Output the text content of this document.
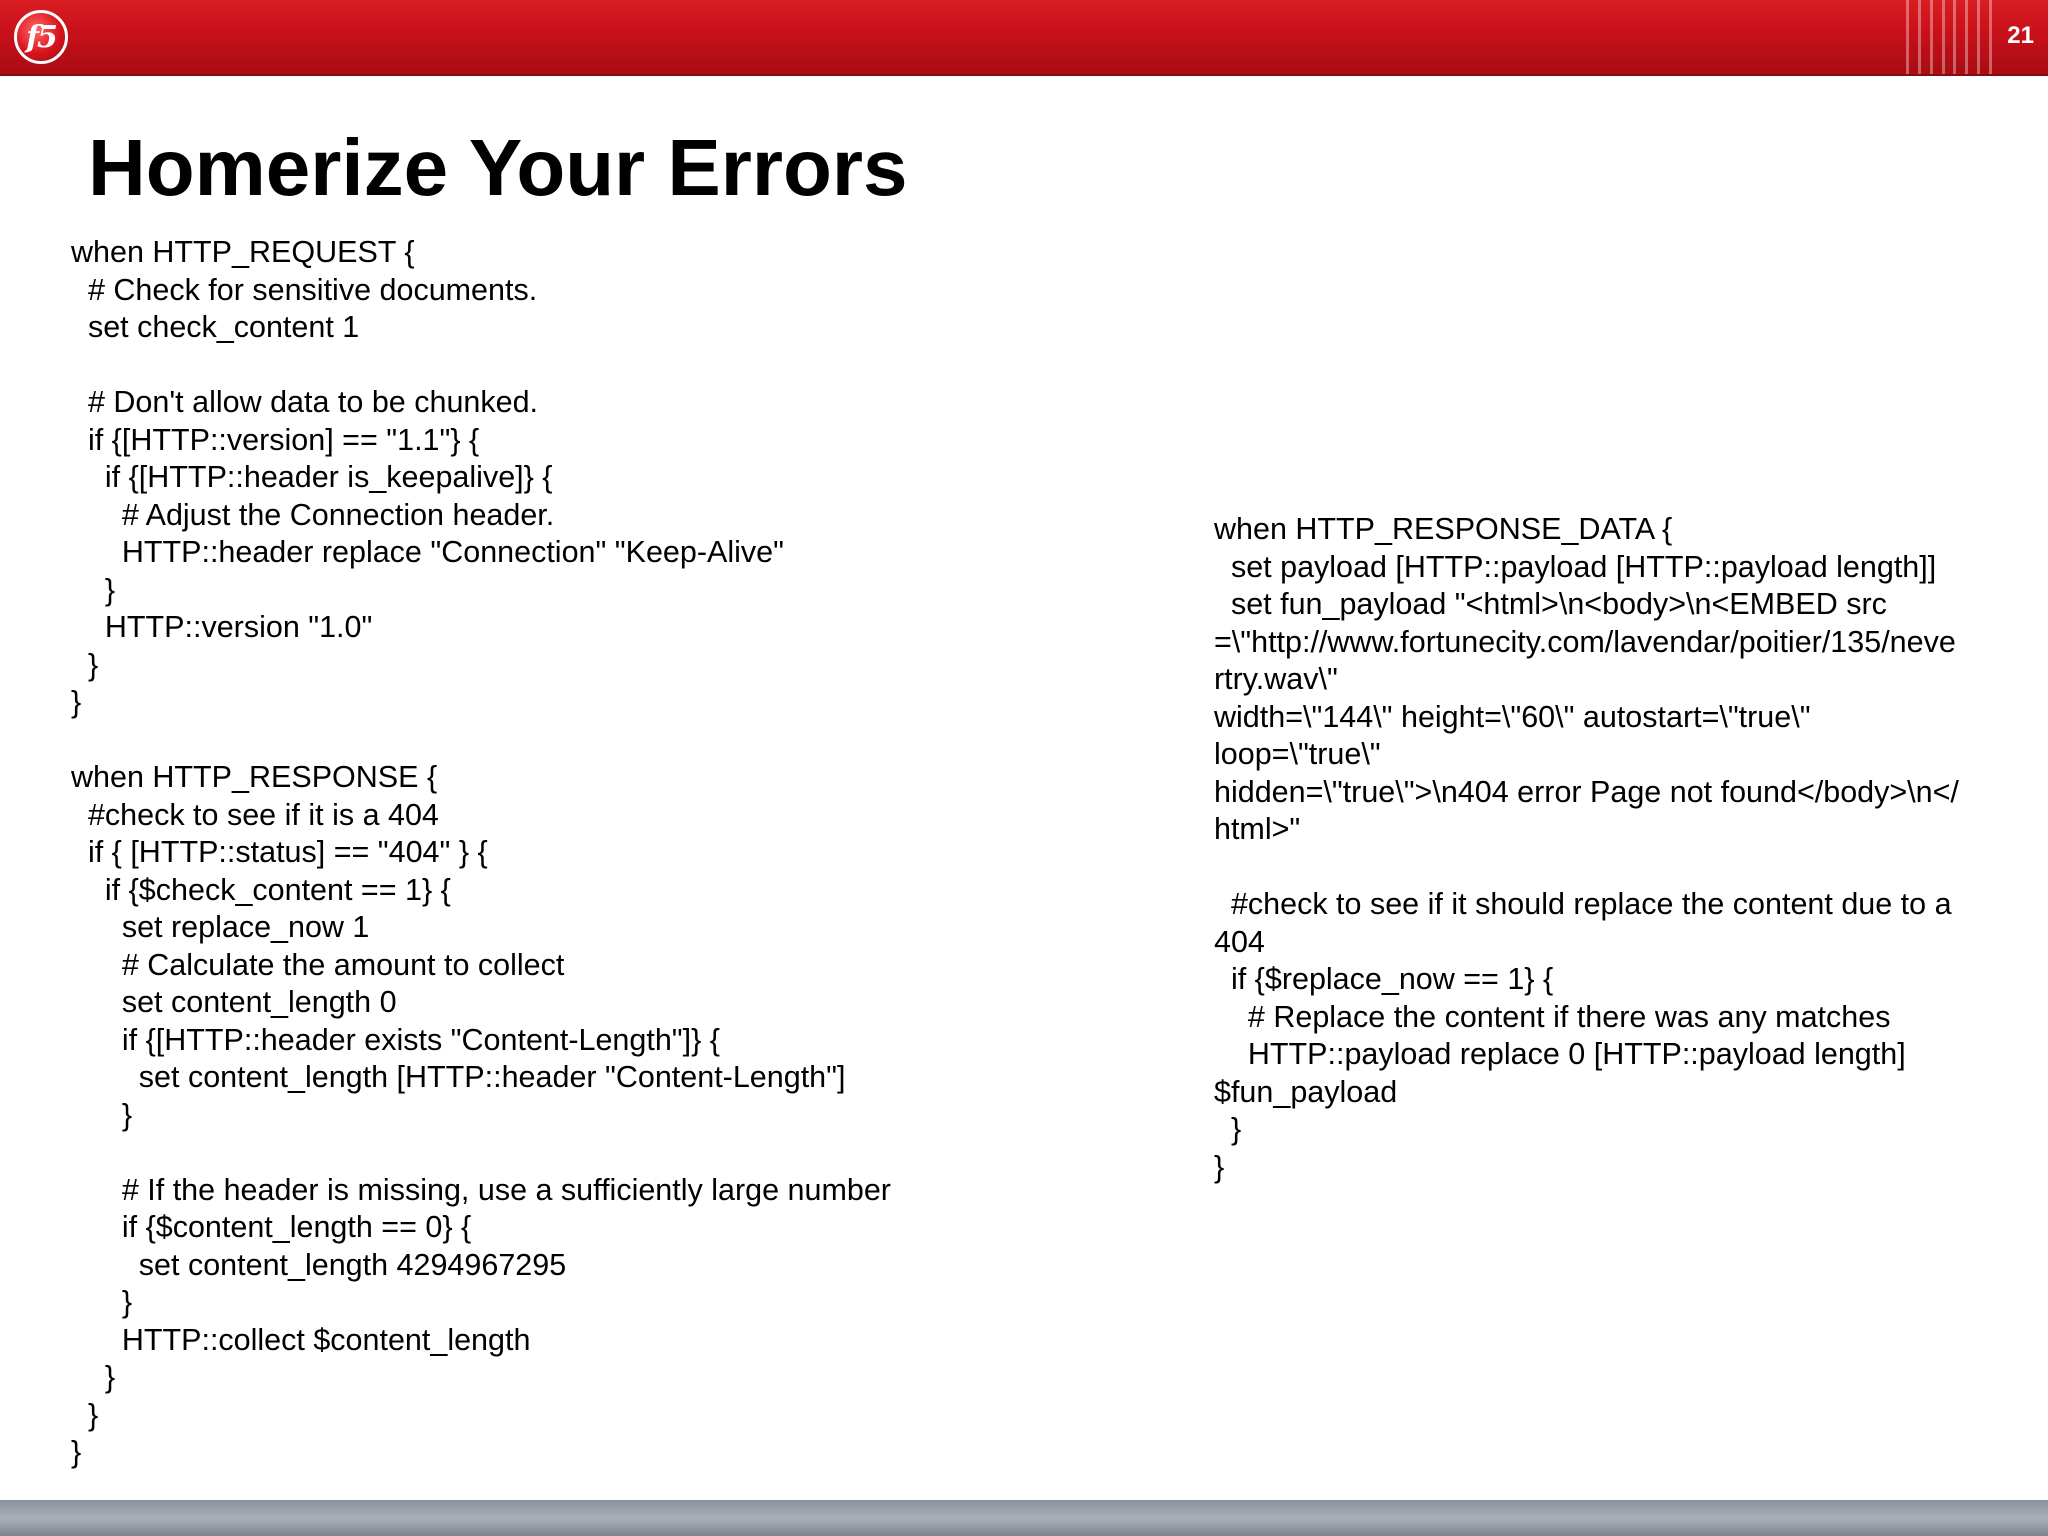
f5	21
Homerize Your Errors
when HTTP_REQUEST {
# Check for sensitive documents.
set check_content 1

# Don't allow data to be chunked.
if {[HTTP::version] == "1.1"} {
if {[HTTP::header is_keepalive]} {
# Adjust the Connection header.
HTTP::header replace "Connection" "Keep-Alive"
}
HTTP::version "1.0"
}
}

when HTTP_RESPONSE {
#check to see if it is a 404
if { [HTTP::status] == "404" } {
if {$check_content == 1} {
set replace_now 1
# Calculate the amount to collect
set content_length 0
if {[HTTP::header exists "Content-Length"]} {
set content_length [HTTP::header "Content-Length"]
}

# If the header is missing, use a sufficiently large number
if {$content_length == 0} {
set content_length 4294967295
}
HTTP::collect $content_length
}
}
}
when HTTP_RESPONSE_DATA {
set payload [HTTP::payload [HTTP::payload length]]
set fun_payload "<html>\n<body>\n<EMBED src
=\"http://www.fortunecity.com/lavendar/poitier/135/neve
rtry.wav\"
width=\"144\" height=\"60\" autostart=\"true\"
loop=\"true\"
hidden=\"true\">\n404 error Page not found</body>\n</
html>"

#check to see if it should replace the content due to a
404
if {$replace_now == 1} {
# Replace the content if there was any matches
HTTP::payload replace 0 [HTTP::payload length]
$fun_payload
}
}
